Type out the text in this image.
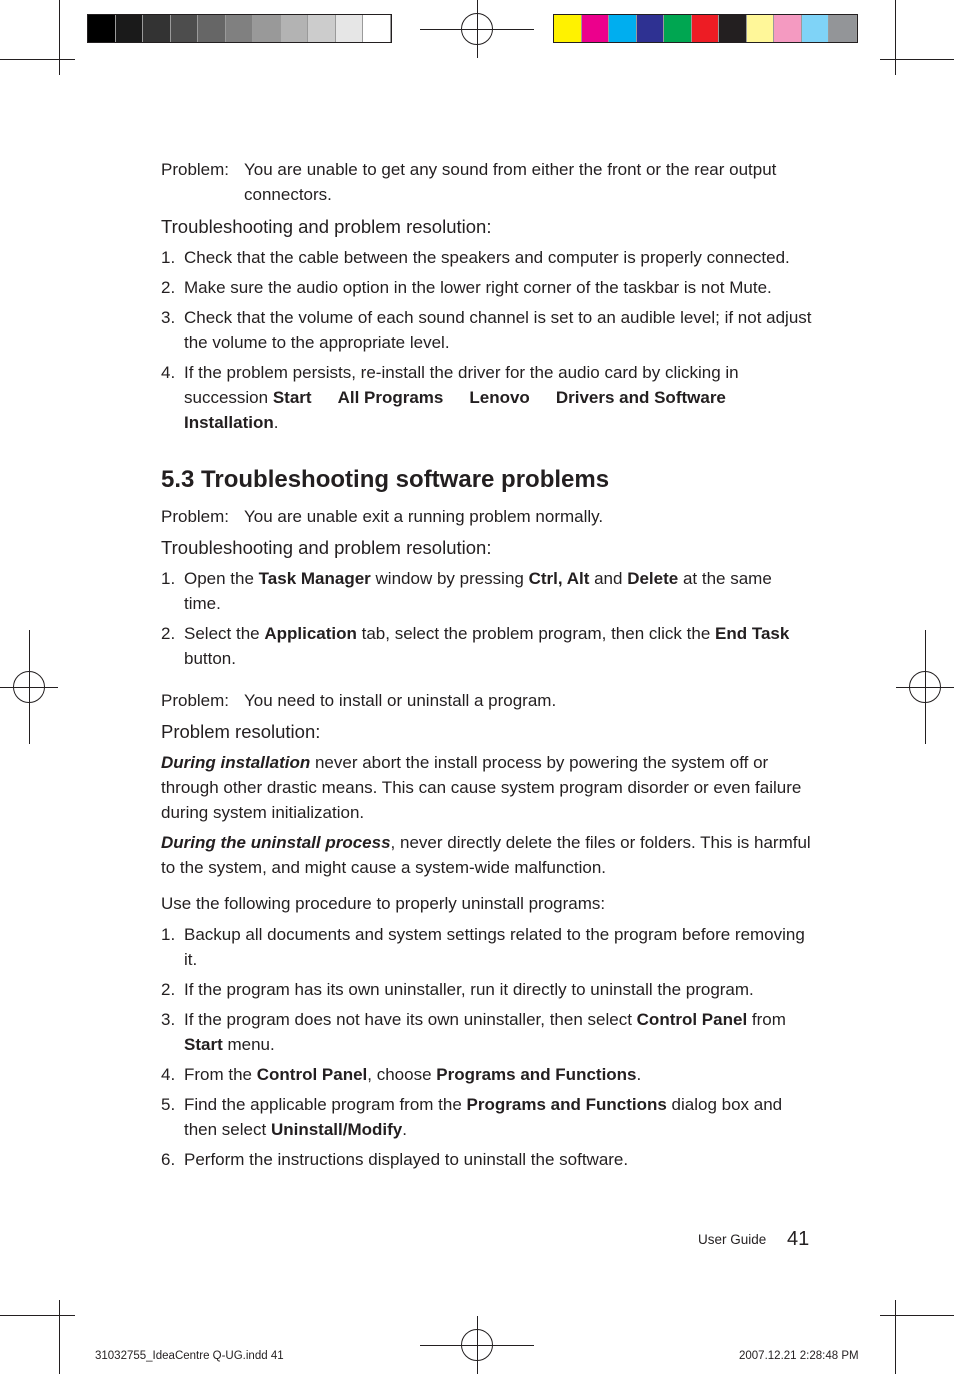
Problem: You are unable to get any sound from either the front or the rear output connectors.

Troubleshooting and problem resolution:

1. Check that the cable between the speakers and computer is properly connected.
2. Make sure the audio option in the lower right corner of the taskbar is not Mute.
3. Check that the volume of each sound channel is set to an audible level; if not adjust the volume to the appropriate level.
4. If the problem persists, re-install the driver for the audio card by clicking in succession Start All Programs Lenovo Drivers and Software Installation.
5.3 Troubleshooting software problems

Problem: You are unable exit a running problem normally.

Troubleshooting and problem resolution:

1. Open the Task Manager window by pressing Ctrl, Alt and Delete at the same time.
2. Select the Application tab, select the problem program, then click the End Task button.

Problem: You need to install or uninstall a program.

Problem resolution:

During installation never abort the install process by powering the system off or through other drastic means. This can cause system program disorder or even failure during system initialization.

During the uninstall process, never directly delete the files or folders. This is harmful to the system, and might cause a system-wide malfunction.

Use the following procedure to properly uninstall programs:

1. Backup all documents and system settings related to the program before removing it.
2. If the program has its own uninstaller, run it directly to uninstall the program.
3. If the program does not have its own uninstaller, then select Control Panel from Start menu.
4. From the Control Panel, choose Programs and Functions.
5. Find the applicable program from the Programs and Functions dialog box and then select Uninstall/Modify.
6. Perform the instructions displayed to uninstall the software.
User Guide 41
31032755_IdeaCentre Q-UG.indd 41	2007.12.21 2:28:48 PM
